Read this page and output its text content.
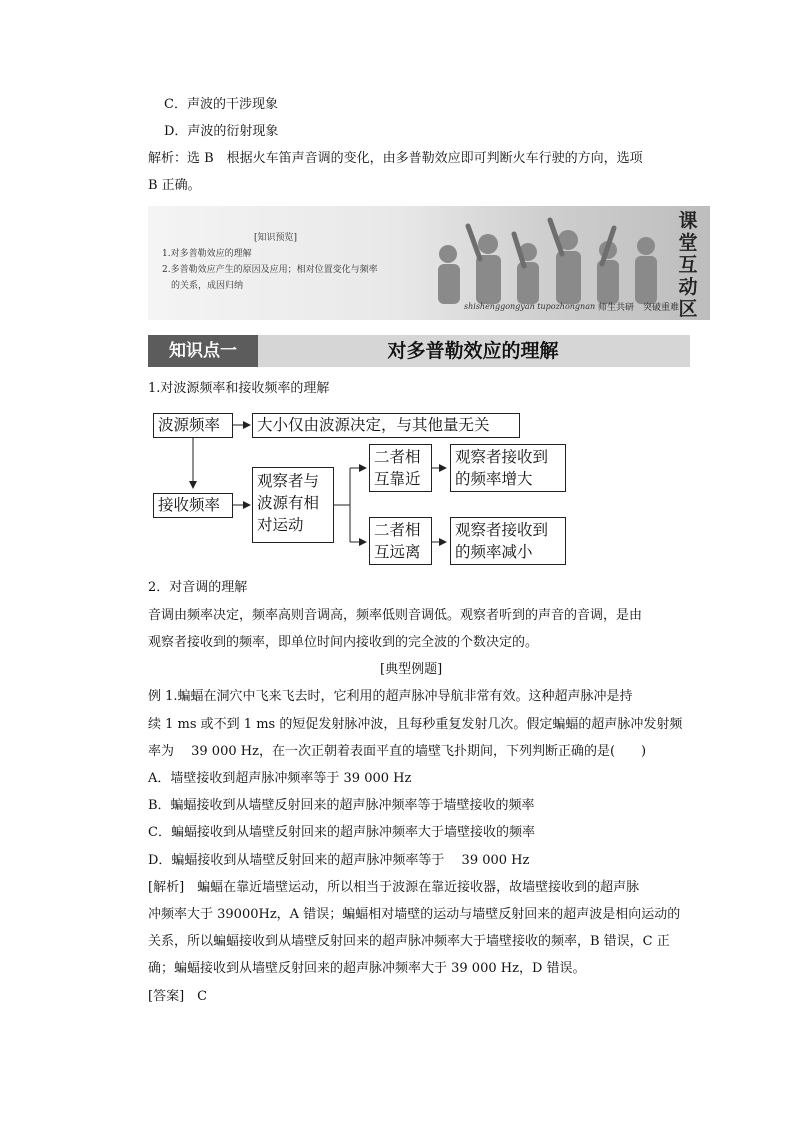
C．声波的干涉现象
D．声波的衍射现象
解析：选 B　根据火车笛声音调的变化，由多普勒效应即可判断火车行驶的方向，选项
B 正确。
[知识预览]
1.对多普勒效应的理解
2.多普勒效应产生的原因及应用；相对位置变化与频率
　的关系，成因归纳
课堂互动区
shishenggongyan tupozhongnan 师生共研　突破重难
知识点一	对多普勒效应的理解
1.对波源频率和接收频率的理解
波源频率	大小仅由波源决定，与其他量无关
接收频率
观察者与
波源有相
对运动
二者相
互靠近
观察者接收到
的频率增大
二者相
互远离
观察者接收到
的频率减小
2．对音调的理解
音调由频率决定，频率高则音调高，频率低则音调低。观察者听到的声音的音调，是由
观察者接收到的频率，即单位时间内接收到的完全波的个数决定的。
[典型例题]
例 1.蝙蝠在洞穴中飞来飞去时，它利用的超声脉冲导航非常有效。这种超声脉冲是持
续 1 ms 或不到 1 ms 的短促发射脉冲波，且每秒重复发射几次。假定蝙蝠的超声脉冲发射频
率为　 39 000 Hz，在一次正朝着表面平直的墙壁飞扑期间，下列判断正确的是(　　)
A．墙壁接收到超声脉冲频率等于 39 000 Hz
B．蝙蝠接收到从墙壁反射回来的超声脉冲频率等于墙壁接收的频率
C．蝙蝠接收到从墙壁反射回来的超声脉冲频率大于墙壁接收的频率
D．蝙蝠接收到从墙壁反射回来的超声脉冲频率等于　 39 000 Hz
[解析]　蝙蝠在靠近墙壁运动，所以相当于波源在靠近接收器，故墙壁接收到的超声脉
冲频率大于 39000Hz，A 错误；蝙蝠相对墙壁的运动与墙壁反射回来的超声波是相向运动的
关系，所以蝙蝠接收到从墙壁反射回来的超声脉冲频率大于墙壁接收的频率，B 错误，C 正
确；蝙蝠接收到从墙壁反射回来的超声脉冲频率大于 39 000 Hz，D 错误。
[答案]　C
